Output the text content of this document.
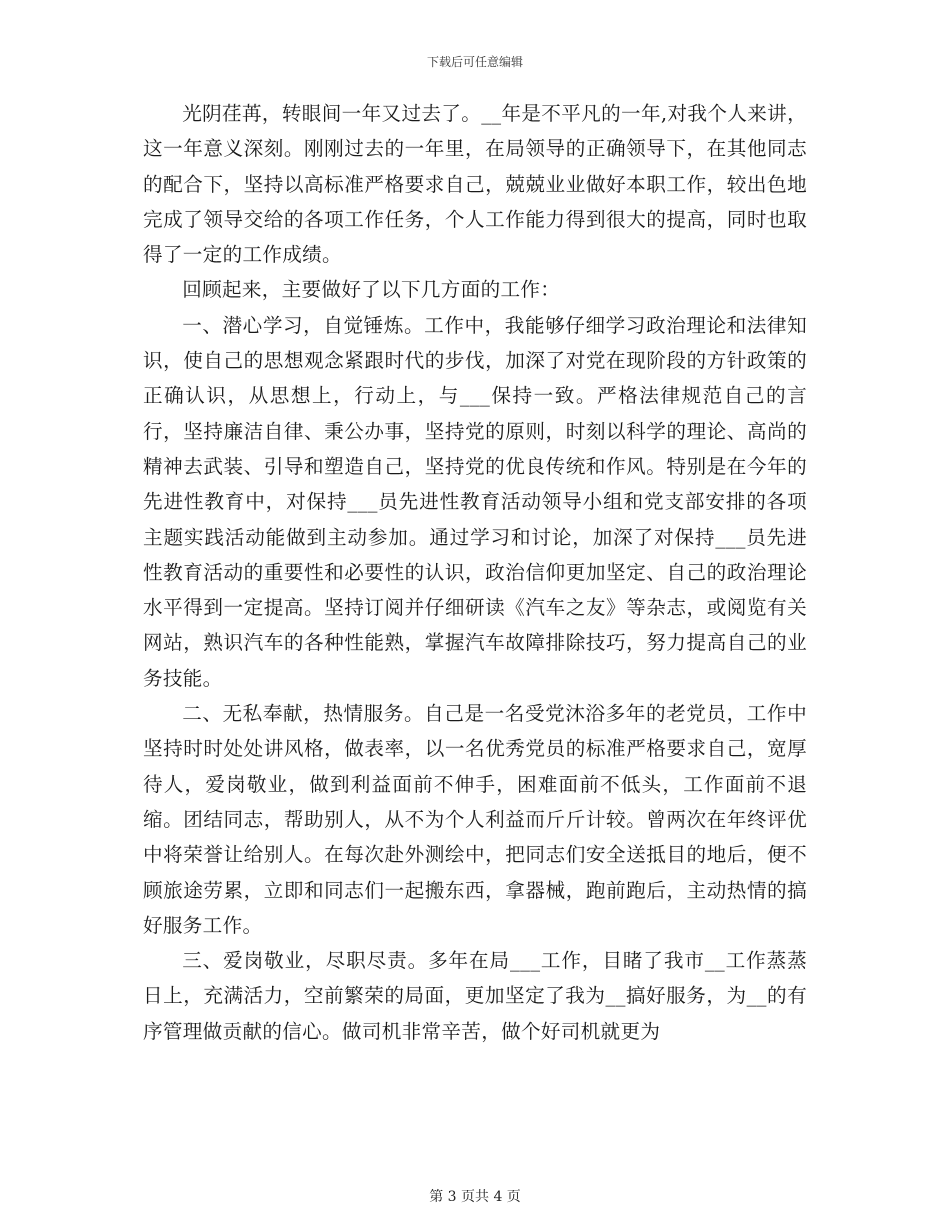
下载后可任意编辑

光阴荏苒，转眼间一年又过去了。__年是不平凡的一年,对我个人来讲，这一年意义深刻。刚刚过去的一年里，在局领导的正确领导下，在其他同志的配合下，坚持以高标准严格要求自己，兢兢业业做好本职工作，较出色地完成了领导交给的各项工作任务，个人工作能力得到很大的提高，同时也取得了一定的工作成绩。

回顾起来，主要做好了以下几方面的工作：

一、潜心学习，自觉锤炼。工作中，我能够仔细学习政治理论和法律知识，使自己的思想观念紧跟时代的步伐，加深了对党在现阶段的方针政策的正确认识，从思想上，行动上，与___保持一致。严格法律规范自己的言行，坚持廉洁自律、秉公办事，坚持党的原则，时刻以科学的理论、高尚的精神去武装、引导和塑造自己，坚持党的优良传统和作风。特别是在今年的先进性教育中，对保持___员先进性教育活动领导小组和党支部安排的各项主题实践活动能做到主动参加。通过学习和讨论，加深了对保持___员先进性教育活动的重要性和必要性的认识，政治信仰更加坚定、自己的政治理论水平得到一定提高。坚持订阅并仔细研读《汽车之友》等杂志，或阅览有关网站，熟识汽车的各种性能熟，掌握汽车故障排除技巧，努力提高自己的业务技能。

二、无私奉献，热情服务。自己是一名受党沐浴多年的老党员，工作中坚持时时处处讲风格，做表率，以一名优秀党员的标准严格要求自己，宽厚待人，爱岗敬业，做到利益面前不伸手，困难面前不低头，工作面前不退缩。团结同志，帮助别人，从不为个人利益而斤斤计较。曾两次在年终评优中将荣誉让给别人。在每次赴外测绘中，把同志们安全送抵目的地后，便不顾旅途劳累，立即和同志们一起搬东西，拿器械，跑前跑后，主动热情的搞好服务工作。

三、爱岗敬业，尽职尽责。多年在局___工作，目睹了我市__工作蒸蒸日上，充满活力，空前繁荣的局面，更加坚定了我为__搞好服务，为__的有序管理做贡献的信心。做司机非常辛苦，做个好司机就更为

第 3 页共 4 页
